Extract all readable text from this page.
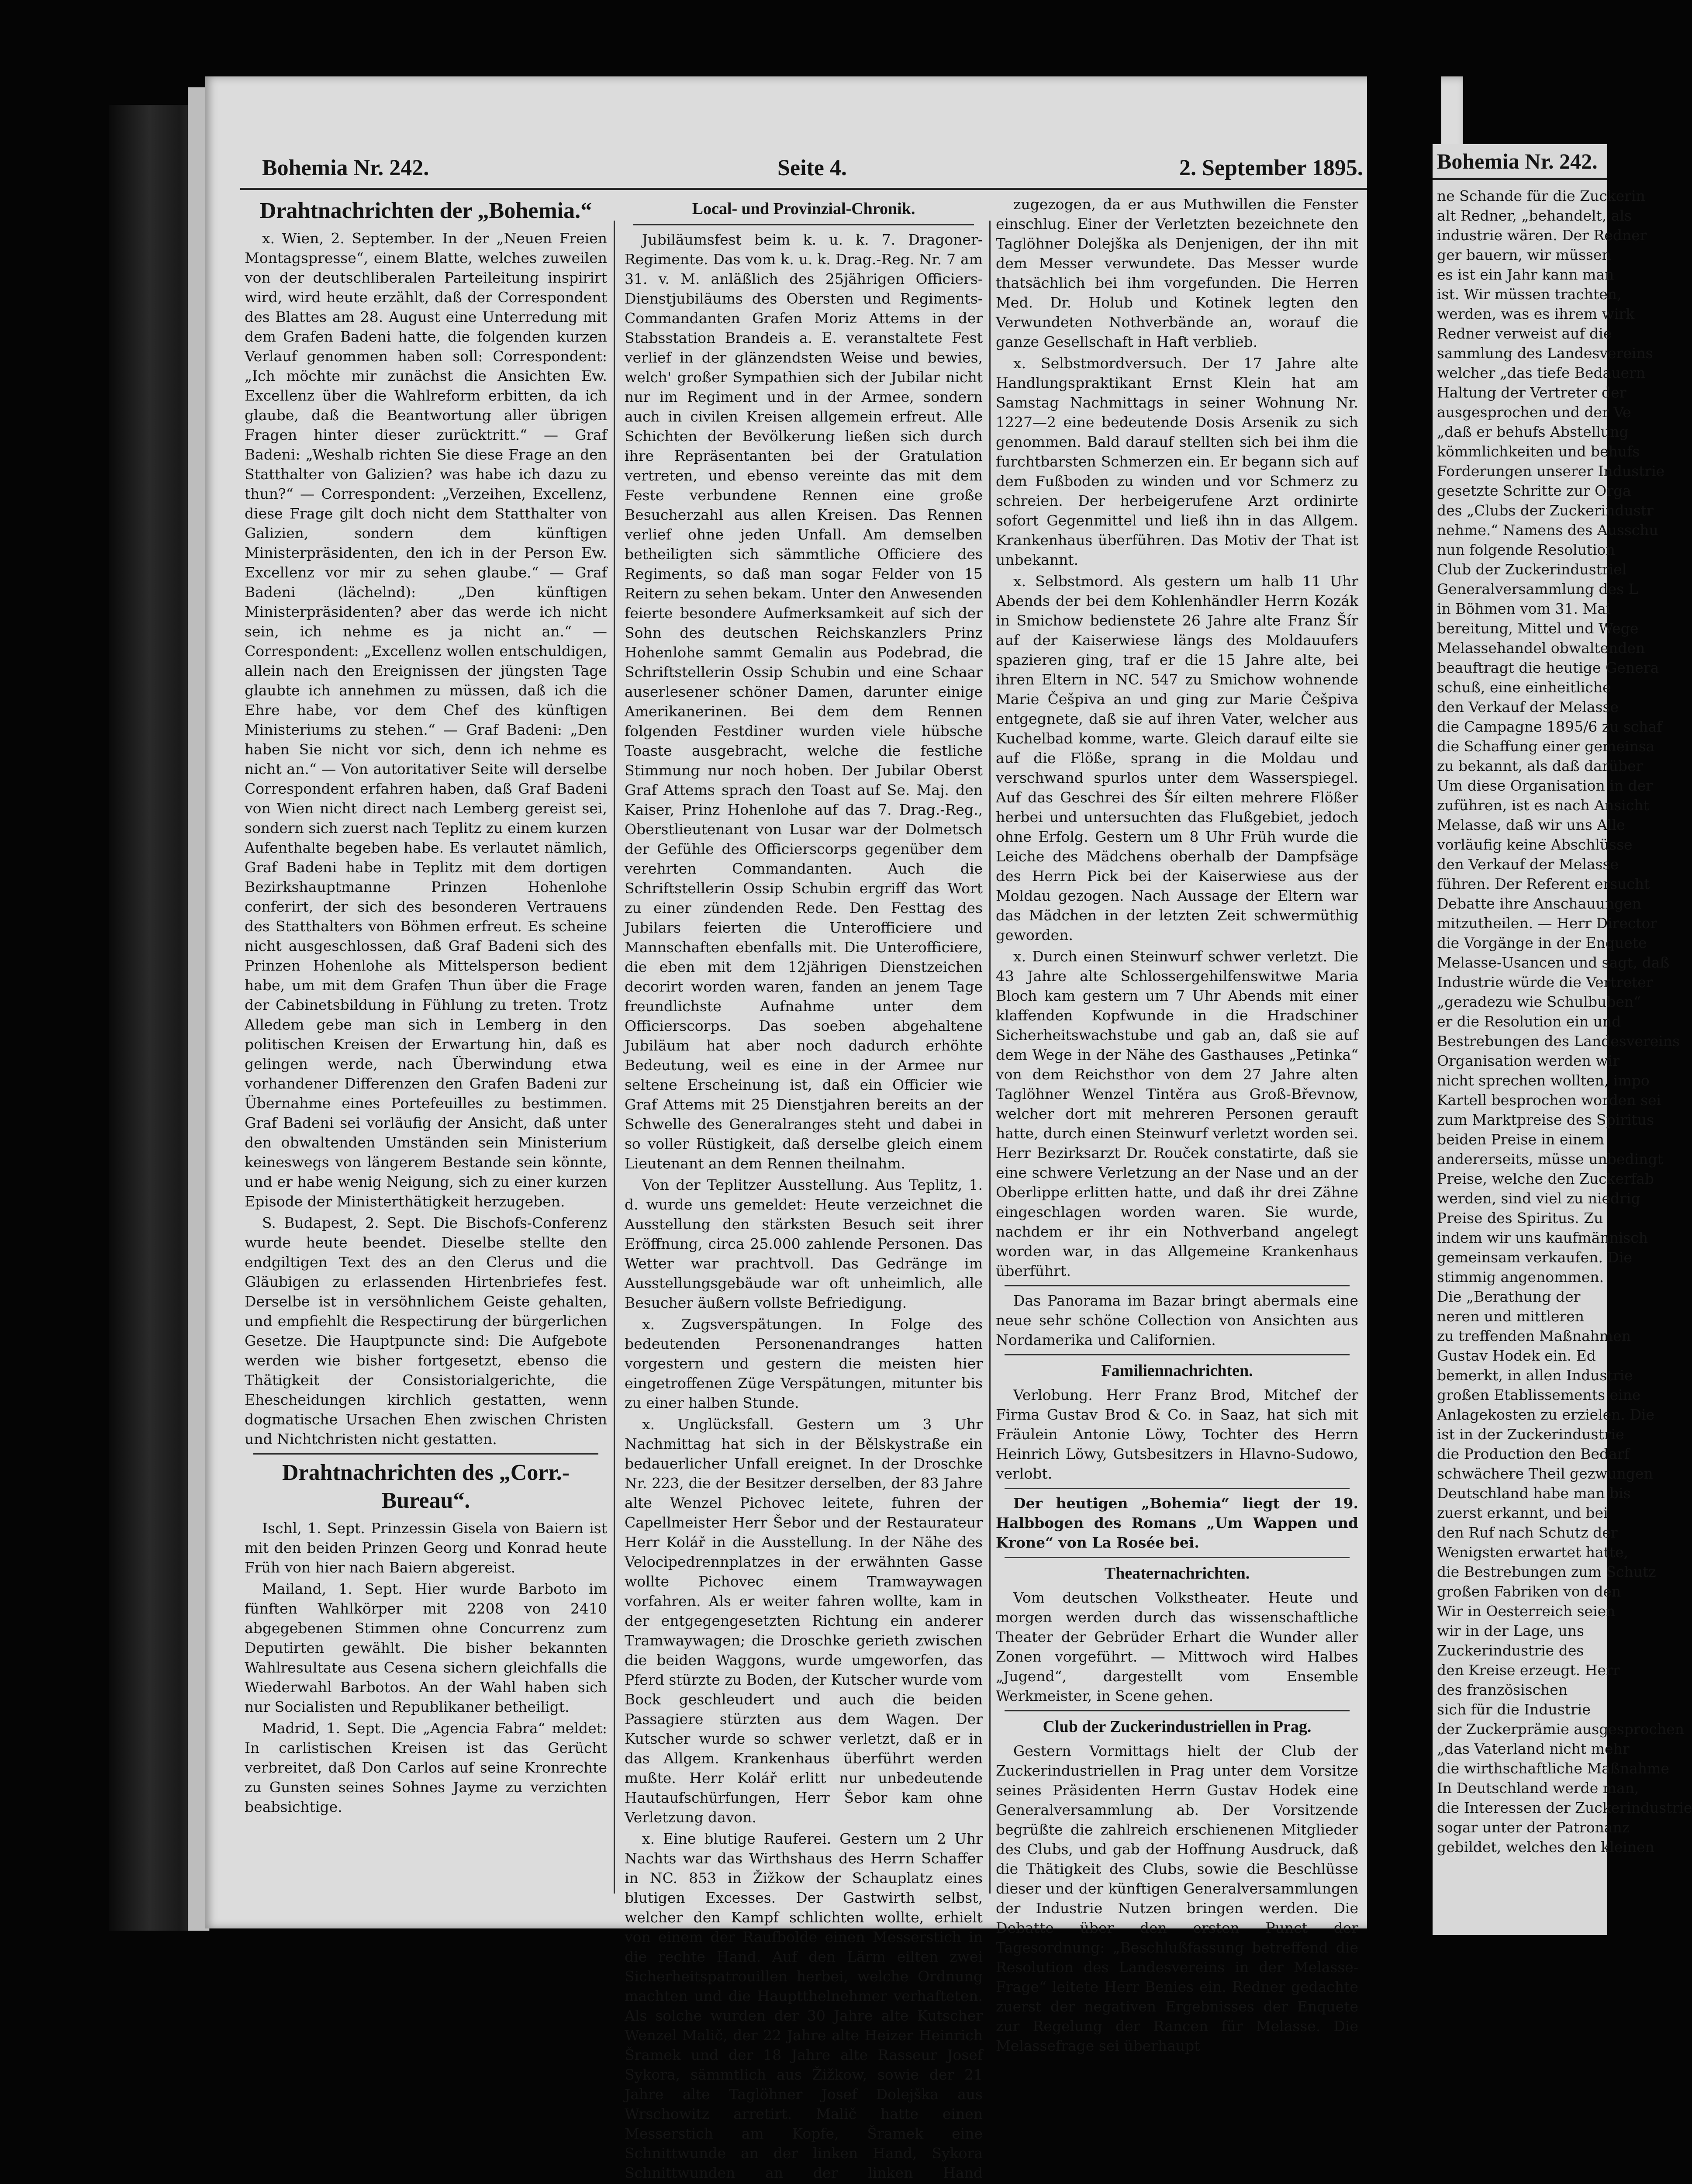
Bohemia Nr. 242.	Seite 4.	2. September 1895.
Drahtnachrichten der „Bohemia.“

x. Wien, 2. September. In der „Neuen Freien Montagspresse“, einem Blatte, welches zuweilen von der deutschliberalen Parteileitung inspirirt wird, wird heute erzählt, daß der Correspondent des Blattes am 28. August eine Unterredung mit dem Grafen Badeni hatte, die folgenden kurzen Verlauf genommen haben soll: Correspondent: „Ich möchte mir zunächst die Ansichten Ew. Excellenz über die Wahlreform erbitten, da ich glaube, daß die Beantwortung aller übrigen Fragen hinter dieser zurücktritt.“ — Graf Badeni: „Weshalb richten Sie diese Frage an den Statthalter von Galizien? was habe ich dazu zu thun?“ — Correspondent: „Verzeihen, Excellenz, diese Frage gilt doch nicht dem Statthalter von Galizien, sondern dem künftigen Ministerpräsidenten, den ich in der Person Ew. Excellenz vor mir zu sehen glaube.“ — Graf Badeni (lächelnd): „Den künftigen Ministerpräsidenten? aber das werde ich nicht sein, ich nehme es ja nicht an.“ — Correspondent: „Excellenz wollen entschuldigen, allein nach den Ereignissen der jüngsten Tage glaubte ich annehmen zu müssen, daß ich die Ehre habe, vor dem Chef des künftigen Ministeriums zu stehen.“ — Graf Badeni: „Den haben Sie nicht vor sich, denn ich nehme es nicht an.“ — Von autoritativer Seite will derselbe Correspondent erfahren haben, daß Graf Badeni von Wien nicht direct nach Lemberg gereist sei, sondern sich zuerst nach Teplitz zu einem kurzen Aufenthalte begeben habe. Es verlautet nämlich, Graf Badeni habe in Teplitz mit dem dortigen Bezirkshauptmanne Prinzen Hohenlohe conferirt, der sich des besonderen Vertrauens des Statthalters von Böhmen erfreut. Es scheine nicht ausgeschlossen, daß Graf Badeni sich des Prinzen Hohenlohe als Mittelsperson bedient habe, um mit dem Grafen Thun über die Frage der Cabinetsbildung in Fühlung zu treten. Trotz Alledem gebe man sich in Lemberg in den politischen Kreisen der Erwartung hin, daß es gelingen werde, nach Überwindung etwa vorhandener Differenzen den Grafen Badeni zur Übernahme eines Portefeuilles zu bestimmen. Graf Badeni sei vorläufig der Ansicht, daß unter den obwaltenden Umständen sein Ministerium keineswegs von längerem Bestande sein könnte, und er habe wenig Neigung, sich zu einer kurzen Episode der Ministerthätigkeit herzugeben.

S. Budapest, 2. Sept. Die Bischofs-Conferenz wurde heute beendet. Dieselbe stellte den endgiltigen Text des an den Clerus und die Gläubigen zu erlassenden Hirtenbriefes fest. Derselbe ist in versöhnlichem Geiste gehalten, und empfiehlt die Respectirung der bürgerlichen Gesetze. Die Hauptpuncte sind: Die Aufgebote werden wie bisher fortgesetzt, ebenso die Thätigkeit der Consistorialgerichte, die Ehescheidungen kirchlich gestatten, wenn dogmatische Ursachen Ehen zwischen Christen und Nichtchristen nicht gestatten.

Drahtnachrichten des „Corr.-Bureau“.

Ischl, 1. Sept. Prinzessin Gisela von Baiern ist mit den beiden Prinzen Georg und Konrad heute Früh von hier nach Baiern abgereist.

Mailand, 1. Sept. Hier wurde Barboto im fünften Wahlkörper mit 2208 von 2410 abgegebenen Stimmen ohne Concurrenz zum Deputirten gewählt. Die bisher bekannten Wahlresultate aus Cesena sichern gleichfalls die Wiederwahl Barbotos. An der Wahl haben sich nur Socialisten und Republikaner betheiligt.

Madrid, 1. Sept. Die „Agencia Fabra“ meldet: In carlistischen Kreisen ist das Gerücht verbreitet, daß Don Carlos auf seine Kronrechte zu Gunsten seines Sohnes Jayme zu verzichten beabsichtige.

Local- und Provinzial-Chronik.

Jubiläumsfest beim k. u. k. 7. Dragoner-Regimente. Das vom k. u. k. Drag.-Reg. Nr. 7 am 31. v. M. anläßlich des 25jährigen Officiers-Dienstjubiläums des Obersten und Regiments-Commandanten Grafen Moriz Attems in der Stabsstation Brandeis a. E. veranstaltete Fest verlief in der glänzendsten Weise und bewies, welch' großer Sympathien sich der Jubilar nicht nur im Regiment und in der Armee, sondern auch in civilen Kreisen allgemein erfreut. Alle Schichten der Bevölkerung ließen sich durch ihre Repräsentanten bei der Gratulation vertreten, und ebenso vereinte das mit dem Feste verbundene Rennen eine große Besucherzahl aus allen Kreisen. Das Rennen verlief ohne jeden Unfall. Am demselben betheiligten sich sämmtliche Officiere des Regiments, so daß man sogar Felder von 15 Reitern zu sehen bekam. Unter den Anwesenden feierte besondere Aufmerksamkeit auf sich der Sohn des deutschen Reichskanzlers Prinz Hohenlohe sammt Gemalin aus Podebrad, die Schriftstellerin Ossip Schubin und eine Schaar auserlesener schöner Damen, darunter einige Amerikanerinen. Bei dem dem Rennen folgenden Festdiner wurden viele hübsche Toaste ausgebracht, welche die festliche Stimmung nur noch hoben. Der Jubilar Oberst Graf Attems sprach den Toast auf Se. Maj. den Kaiser, Prinz Hohenlohe auf das 7. Drag.-Reg., Oberstlieutenant von Lusar war der Dolmetsch der Gefühle des Officierscorps gegenüber dem verehrten Commandanten. Auch die Schriftstellerin Ossip Schubin ergriff das Wort zu einer zündenden Rede. Den Festtag des Jubilars feierten die Unterofficiere und Mannschaften ebenfalls mit. Die Unterofficiere, die eben mit dem 12jährigen Dienstzeichen decorirt worden waren, fanden an jenem Tage freundlichste Aufnahme unter dem Officierscorps. Das soeben abgehaltene Jubiläum hat aber noch dadurch erhöhte Bedeutung, weil es eine in der Armee nur seltene Erscheinung ist, daß ein Officier wie Graf Attems mit 25 Dienstjahren bereits an der Schwelle des Generalranges steht und dabei in so voller Rüstigkeit, daß derselbe gleich einem Lieutenant an dem Rennen theilnahm.

Von der Teplitzer Ausstellung. Aus Teplitz, 1. d. wurde uns gemeldet: Heute verzeichnet die Ausstellung den stärksten Besuch seit ihrer Eröffnung, circa 25.000 zahlende Personen. Das Wetter war prachtvoll. Das Gedränge im Ausstellungsgebäude war oft unheimlich, alle Besucher äußern vollste Befriedigung.

x. Zugsverspätungen. In Folge des bedeutenden Personenandranges hatten vorgestern und gestern die meisten hier eingetroffenen Züge Verspätungen, mitunter bis zu einer halben Stunde.

x. Unglücksfall. Gestern um 3 Uhr Nachmittag hat sich in der Bělskystraße ein bedauerlicher Unfall ereignet. In der Droschke Nr. 223, die der Besitzer derselben, der 83 Jahre alte Wenzel Pichovec leitete, fuhren der Capellmeister Herr Šebor und der Restaurateur Herr Kolář in die Ausstellung. In der Nähe des Velocipedrennplatzes in der erwähnten Gasse wollte Pichovec einem Tramwaywagen vorfahren. Als er weiter fahren wollte, kam in der entgegengesetzten Richtung ein anderer Tramwaywagen; die Droschke gerieth zwischen die beiden Waggons, wurde umgeworfen, das Pferd stürzte zu Boden, der Kutscher wurde vom Bock geschleudert und auch die beiden Passagiere stürzten aus dem Wagen. Der Kutscher wurde so schwer verletzt, daß er in das Allgem. Krankenhaus überführt werden mußte. Herr Kolář erlitt nur unbedeutende Hautaufschürfungen, Herr Šebor kam ohne Verletzung davon.

x. Eine blutige Rauferei. Gestern um 2 Uhr Nachts war das Wirthshaus des Herrn Schaffer in NC. 853 in Žižkow der Schauplatz eines blutigen Excesses. Der Gastwirth selbst, welcher den Kampf schlichten wollte, erhielt von einem der Raufbolde einen Messerstich in die rechte Hand. Auf den Lärm eilten zwei Sicherheitspatrouillen herbei, welche Ordnung machten und die Hauptthelnehmer verhafteten. Als solche wurden der 30 Jahre alte Kutscher Wenzel Malič, der 22 Jahre alte Heizer Heinrich Šramek und der 18 Jahre alte Rasseur Josef Sykora, sämmtlich aus Žižkow, sowie der 21 Jahre alte Taglöhner Josef Dolejška aus Wrschowitz arretirt. Malič hatte einen Messerstich am Kopfe, Šramek eine Schnittwunde an der linken Hand, Sykora Schnittwunden an der linken Hand

zugezogen, da er aus Muthwillen die Fenster einschlug. Einer der Verletzten bezeichnete den Taglöhner Dolejška als Denjenigen, der ihn mit dem Messer verwundete. Das Messer wurde thatsächlich bei ihm vorgefunden. Die Herren Med. Dr. Holub und Kotinek legten den Verwundeten Nothverbände an, worauf die ganze Gesellschaft in Haft verblieb.

x. Selbstmordversuch. Der 17 Jahre alte Handlungspraktikant Ernst Klein hat am Samstag Nachmittags in seiner Wohnung Nr. 1227—2 eine bedeutende Dosis Arsenik zu sich genommen. Bald darauf stellten sich bei ihm die furchtbarsten Schmerzen ein. Er begann sich auf dem Fußboden zu winden und vor Schmerz zu schreien. Der herbeigerufene Arzt ordinirte sofort Gegenmittel und ließ ihn in das Allgem. Krankenhaus überführen. Das Motiv der That ist unbekannt.

x. Selbstmord. Als gestern um halb 11 Uhr Abends der bei dem Kohlenhändler Herrn Kozák in Smichow bedienstete 26 Jahre alte Franz Šír auf der Kaiserwiese längs des Moldauufers spazieren ging, traf er die 15 Jahre alte, bei ihren Eltern in NC. 547 zu Smichow wohnende Marie Češpiva an und ging zur Marie Češpiva entgegnete, daß sie auf ihren Vater, welcher aus Kuchelbad komme, warte. Gleich darauf eilte sie auf die Flöße, sprang in die Moldau und verschwand spurlos unter dem Wasserspiegel. Auf das Geschrei des Šír eilten mehrere Flößer herbei und untersuchten das Flußgebiet, jedoch ohne Erfolg. Gestern um 8 Uhr Früh wurde die Leiche des Mädchens oberhalb der Dampfsäge des Herrn Pick bei der Kaiserwiese aus der Moldau gezogen. Nach Aussage der Eltern war das Mädchen in der letzten Zeit schwermüthig geworden.

x. Durch einen Steinwurf schwer verletzt. Die 43 Jahre alte Schlossergehilfenswitwe Maria Bloch kam gestern um 7 Uhr Abends mit einer klaffenden Kopfwunde in die Hradschiner Sicherheitswachstube und gab an, daß sie auf dem Wege in der Nähe des Gasthauses „Petinka“ von dem Reichsthor von dem 27 Jahre alten Taglöhner Wenzel Tintěra aus Groß-Břevnow, welcher dort mit mehreren Personen gerauft hatte, durch einen Steinwurf verletzt worden sei. Herr Bezirksarzt Dr. Rouček constatirte, daß sie eine schwere Verletzung an der Nase und an der Oberlippe erlitten hatte, und daß ihr drei Zähne eingeschlagen worden waren. Sie wurde, nachdem er ihr ein Nothverband angelegt worden war, in das Allgemeine Krankenhaus überführt.

Das Panorama im Bazar bringt abermals eine neue sehr schöne Collection von Ansichten aus Nordamerika und Californien.

Familiennachrichten.

Verlobung. Herr Franz Brod, Mitchef der Firma Gustav Brod & Co. in Saaz, hat sich mit Fräulein Antonie Löwy, Tochter des Herrn Heinrich Löwy, Gutsbesitzers in Hlavno-Sudowo, verlobt.

Der heutigen „Bohemia“ liegt der 19. Halbbogen des Romans „Um Wappen und Krone“ von La Rosée bei.

Theaternachrichten.

Vom deutschen Volkstheater. Heute und morgen werden durch das wissenschaftliche Theater der Gebrüder Erhart die Wunder aller Zonen vorgeführt. — Mittwoch wird Halbes „Jugend“, dargestellt vom Ensemble Werkmeister, in Scene gehen.

Club der Zuckerindustriellen in Prag.

Gestern Vormittags hielt der Club der Zuckerindustriellen in Prag unter dem Vorsitze seines Präsidenten Herrn Gustav Hodek eine Generalversammlung ab. Der Vorsitzende begrüßte die zahlreich erschienenen Mitglieder des Clubs, und gab der Hoffnung Ausdruck, daß die Thätigkeit des Clubs, sowie die Beschlüsse dieser und der künftigen Generalversammlungen der Industrie Nutzen bringen werden. Die Debatte über den ersten Punct der Tagesordnung: „Beschlußfassung betreffend die Resolution des Landesvereins in der Melasse-Frage“ leitete Herr Benies ein. Redner gedachte zuerst der negativen Ergebnisses der Enquete zur Regelung der Rancen für Melasse. Die Melassefrage sei überhaupt

Bohemia Nr. 242.
ne Schande für die Zuckerin
alt Redner, „behandelt, als
industrie wären. Der Redner
ger bauern, wir müssen
es ist ein Jahr kann man
ist. Wir müssen trachten,
werden, was es ihrem wirk
Redner verweist auf die
sammlung des Landesvereins
welcher „das tiefe Bedauern
Haltung der Vertreter der
ausgesprochen und der Ve
„daß er behufs Abstellung
kömmlichkeiten und behufs
Forderungen unserer Industrie
gesetzte Schritte zur Orga
des „Clubs der Zuckerindustr
nehme.“ Namens des Ausschu
nun folgende Resolution
Club der Zuckerindustriel
Generalversammlung des L
in Böhmen vom 31. Mai
bereitung, Mittel und Wege
Melassehandel obwaltenden
beauftragt die heutige Genera
schuß, eine einheitliche
den Verkauf der Melasse
die Campagne 1895/6 zu schaf
die Schaffung einer gemeinsa
zu bekannt, als daß darüber
Um diese Organisation in der
zuführen, ist es nach Ansicht
Melasse, daß wir uns Alle
vorläufig keine Abschlüsse
den Verkauf der Melasse
führen. Der Referent ersucht
Debatte ihre Anschauungen
mitzutheilen. — Herr Director
die Vorgänge in der Enquete
Melasse-Usancen und sagt, daß
Industrie würde die Vertreter
„geradezu wie Schulbuben“
er die Resolution ein und
Bestrebungen des Landesvereins
Organisation werden wir
nicht sprechen wollten, impo
Kartell besprochen worden sei
zum Marktpreise des Spiritus
beiden Preise in einem
andererseits, müsse unbedingt
Preise, welche den Zuckerfab
werden, sind viel zu niedrig
Preise des Spiritus. Zu
indem wir uns kaufmännisch
gemeinsam verkaufen. Die
stimmig angenommen.
Die „Berathung der
neren und mittleren
zu treffenden Maßnahmen
Gustav Hodek ein. Ed
bemerkt, in allen Industrie
großen Etablissements eine
Anlagekosten zu erzielen. Die
ist in der Zuckerindustrie
die Production den Bedarf
schwächere Theil gezwungen
Deutschland habe man bis
zuerst erkannt, und bei
den Ruf nach Schutz der
Wenigsten erwartet hatte,
die Bestrebungen zum Schutz
großen Fabriken von den
Wir in Oesterreich seien
wir in der Lage, uns
Zuckerindustrie des
den Kreise erzeugt. Herr
des französischen
sich für die Industrie
der Zuckerprämie ausgesprochen
„das Vaterland nicht mehr
die wirthschaftliche Maßnahme
In Deutschland werde man,
die Interessen der Zuckerindustrie
sogar unter der Patronanz
gebildet, welches den kleinen
